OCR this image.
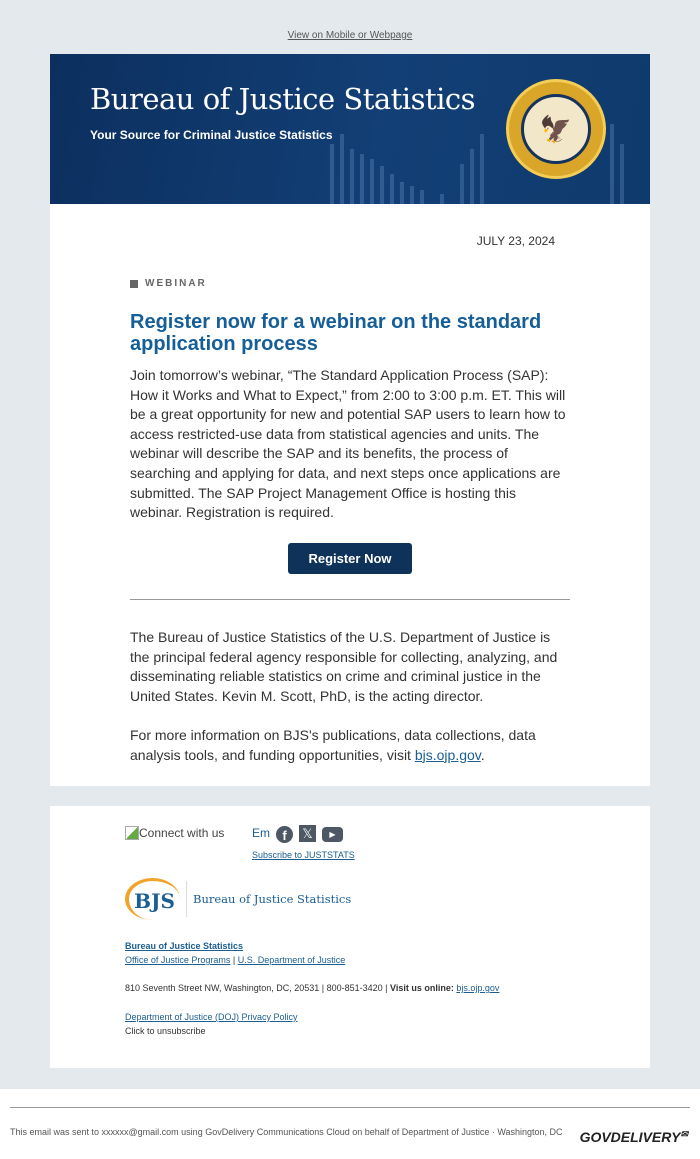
View on Mobile or Webpage
Bureau of Justice Statistics
Your Source for Criminal Justice Statistics	🦅
JULY 23, 2024
WEBINAR
Register now for a webinar on the standard application process
Join tomorrow’s webinar, “The Standard Application Process (SAP): How it Works and What to Expect,” from 2:00 to 3:00 p.m. ET. This will be a great opportunity for new and potential SAP users to learn how to access restricted-use data from statistical agencies and units. The webinar will describe the SAP and its benefits, the process of searching and applying for data, and next steps once applications are submitted. The SAP Project Management Office is hosting this webinar. Registration is required.
Register Now
The Bureau of Justice Statistics of the U.S. Department of Justice is the principal federal agency responsible for collecting, analyzing, and disseminating reliable statistics on crime and criminal justice in the United States. Kevin M. Scott, PhD, is the acting director.
For more information on BJS's publications, data collections, data analysis tools, and funding opportunities, visit bjs.ojp.gov.
Connect with us Em f	𝕏	▶
Subscribe to JUSTSTATS
BJS	Bureau of Justice Statistics
Bureau of Justice Statistics
Office of Justice Programs | U.S. Department of Justice
810 Seventh Street NW, Washington, DC, 20531 | 800-851-3420 | Visit us online: bjs.ojp.gov
Department of Justice (DOJ) Privacy Policy
Click to unsubscribe
This email was sent to xxxxxx@gmail.com using GovDelivery Communications Cloud on behalf of Department of Justice · Washington, DC	GOVDELIVERY✉
